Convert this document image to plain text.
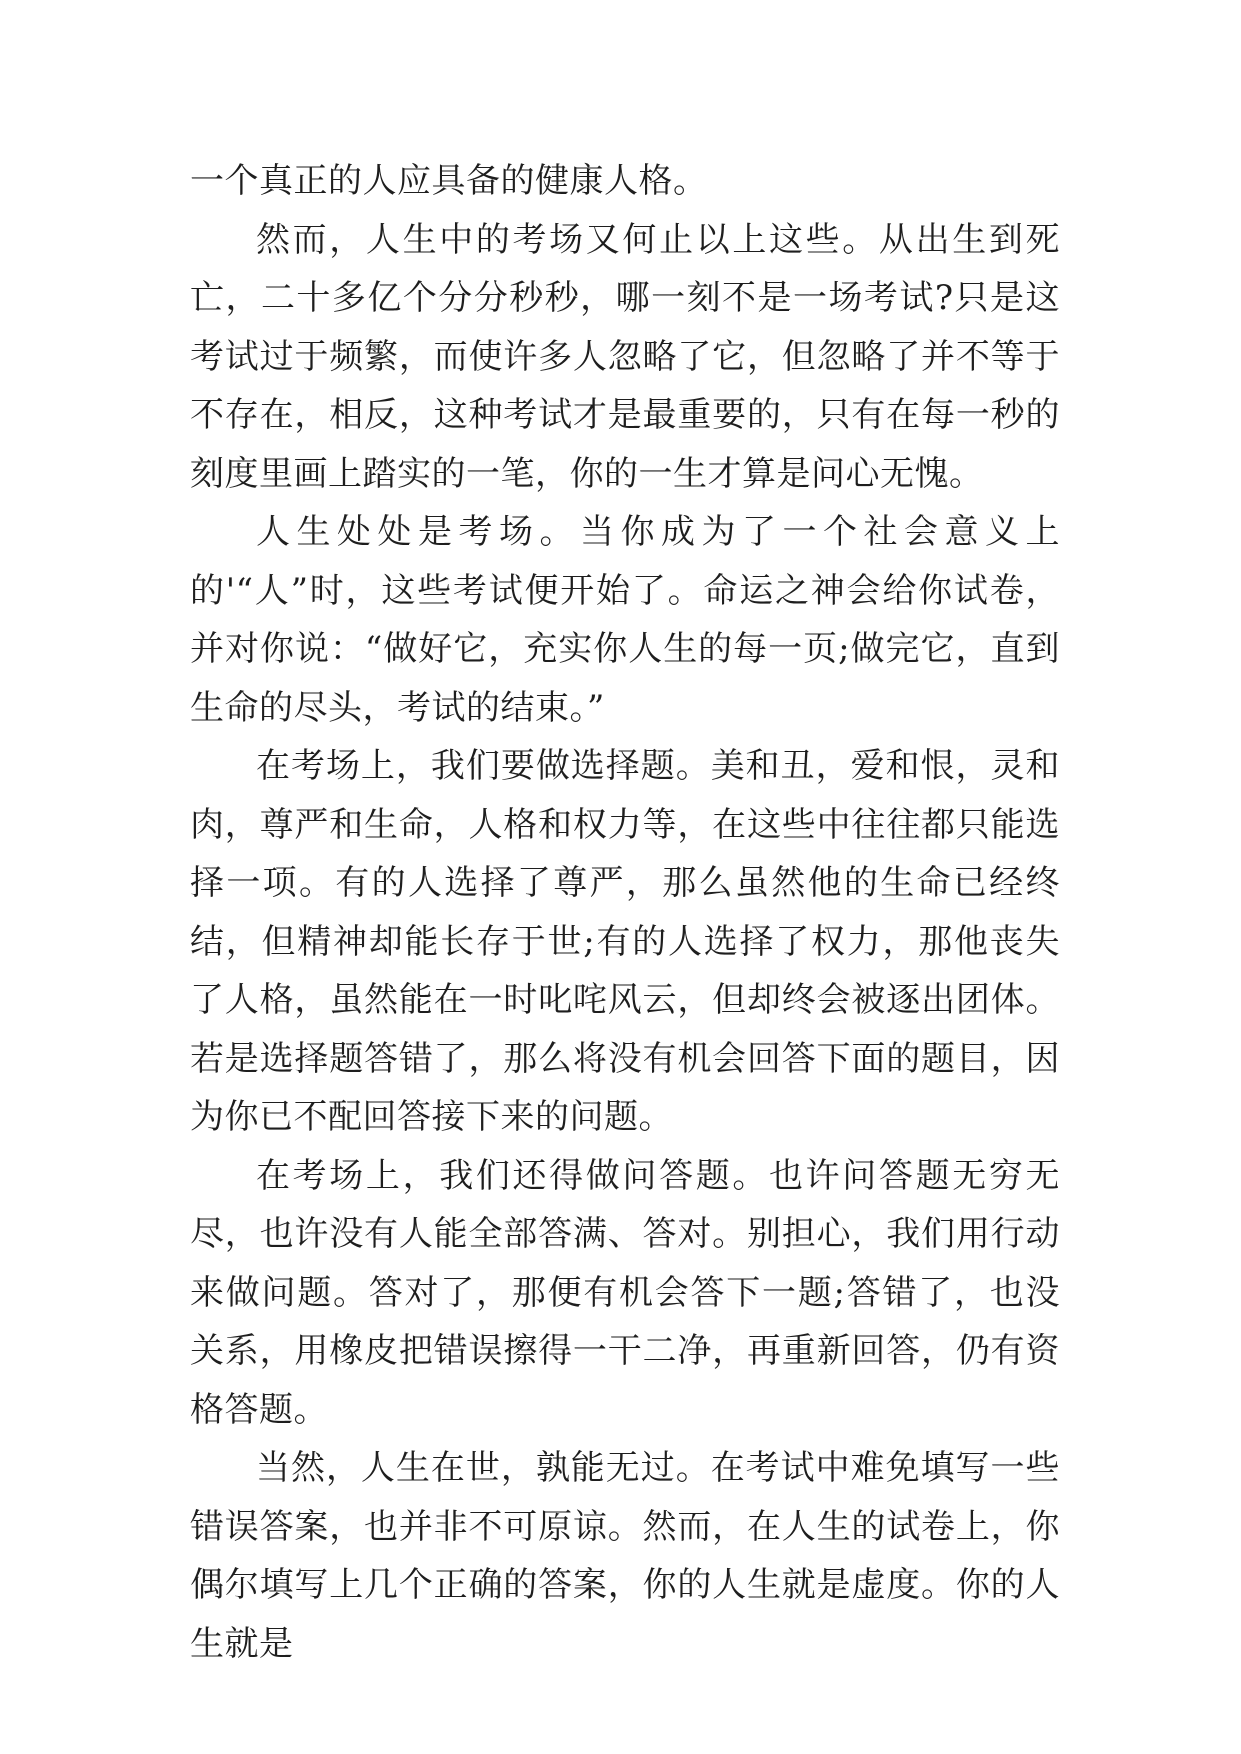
一个真正的人应具备的健康人格。

然而，人生中的考场又何止以上这些。从出生到死亡，二十多亿个分分秒秒，哪一刻不是一场考试?只是这考试过于频繁，而使许多人忽略了它，但忽略了并不等于不存在，相反，这种考试才是最重要的，只有在每一秒的刻度里画上踏实的一笔，你的一生才算是问心无愧。

人生处处是考场。当你成为了一个社会意义上的'“人”时，这些考试便开始了。命运之神会给你试卷，并对你说：“做好它，充实你人生的每一页;做完它，直到生命的尽头，考试的结束。”

在考场上，我们要做选择题。美和丑，爱和恨，灵和肉，尊严和生命，人格和权力等，在这些中往往都只能选择一项。有的人选择了尊严，那么虽然他的生命已经终结，但精神却能长存于世;有的人选择了权力，那他丧失了人格，虽然能在一时叱咤风云，但却终会被逐出团体。若是选择题答错了，那么将没有机会回答下面的题目，因为你已不配回答接下来的问题。

在考场上，我们还得做问答题。也许问答题无穷无尽，也许没有人能全部答满、答对。别担心，我们用行动来做问题。答对了，那便有机会答下一题;答错了，也没关系，用橡皮把错误擦得一干二净，再重新回答，仍有资格答题。

当然，人生在世，孰能无过。在考试中难免填写一些错误答案，也并非不可原谅。然而，在人生的试卷上，你偶尔填写上几个正确的答案，你的人生就是虚度。你的人生就是
